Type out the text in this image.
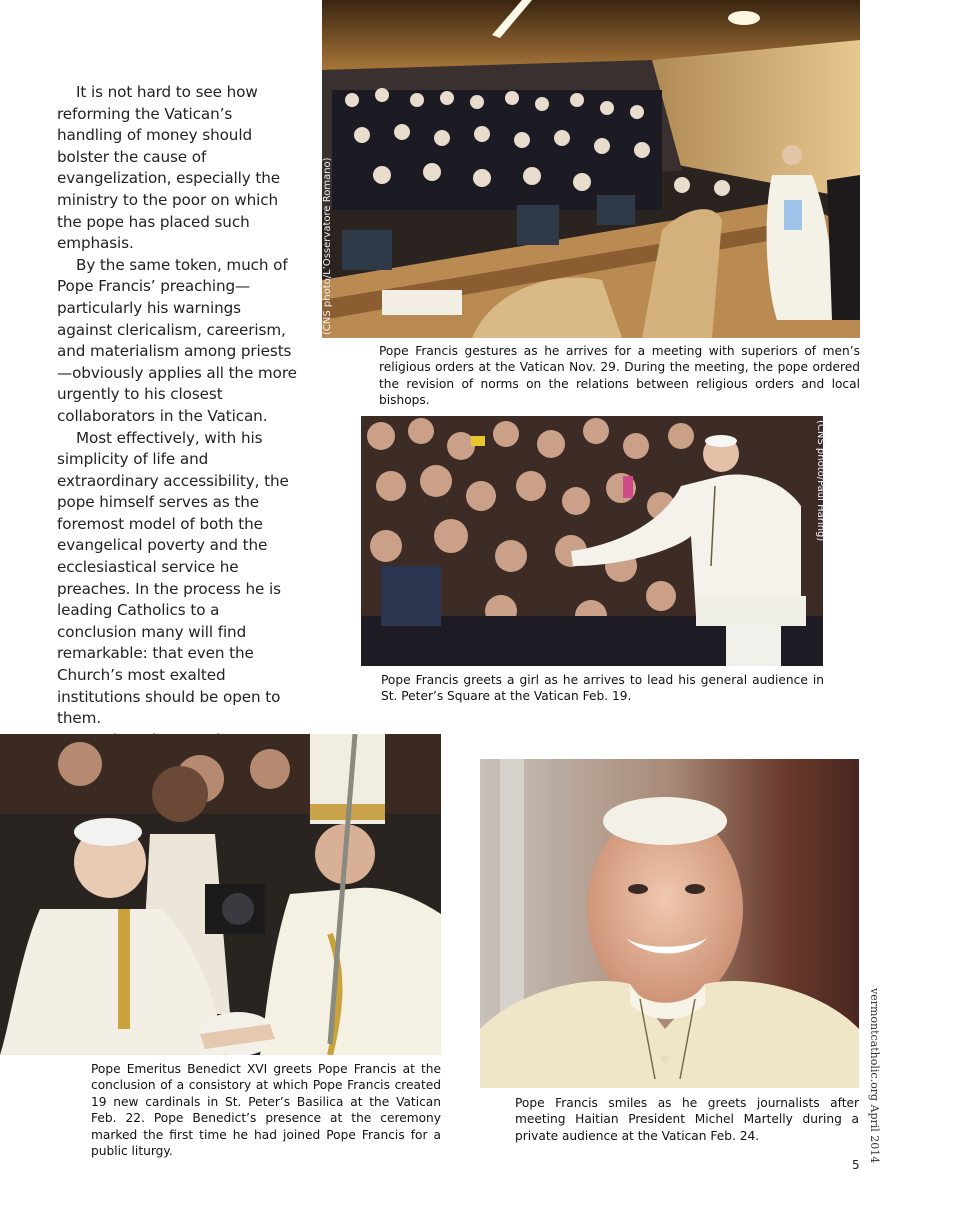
It is not hard to see how reforming the Vatican’s handling of money should bolster the cause of evangelization, especially the ministry to the poor on which the pope has placed such emphasis.

By the same token, much of Pope Francis’ preaching—particularly his warnings against clericalism, careerism, and materialism among priests—obviously applies all the more urgently to his closest collaborators in the Vatican.

Most effectively, with his simplicity of life and extraordinary accessibility, the pope himself serves as the foremost model of both the evangelical poverty and the ecclesiastical service he preaches. In the process he is leading Catholics to a conclusion many will find remarkable: that even the Church’s most exalted institutions should be open to them.

(CNS photo/L’Osservatore Romano)
Pope Francis gestures as he arrives for a meeting with superiors of men’s religious orders at the Vatican Nov. 29. During the meeting, the pope ordered the revision of norms on the relations between religious orders and local bishops.
(CNS photo/Paul Haring)
Pope Francis greets a girl as he arrives to lead his general audience in St. Peter’s Square at the Vatican Feb. 19.
Pope Emeritus Benedict XVI greets Pope Francis at the conclusion of a consistory at which Pope Francis created 19 new cardinals in St. Peter’s Basilica at the Vatican Feb. 22. Pope Benedict’s presence at the ceremony marked the first time he had joined Pope Francis for a public liturgy.
Pope Francis smiles as he greets journalists after meeting Haitian President Michel Martelly during a private audience at the Vatican Feb. 24.	vermontcatholic.org April 2014
5
